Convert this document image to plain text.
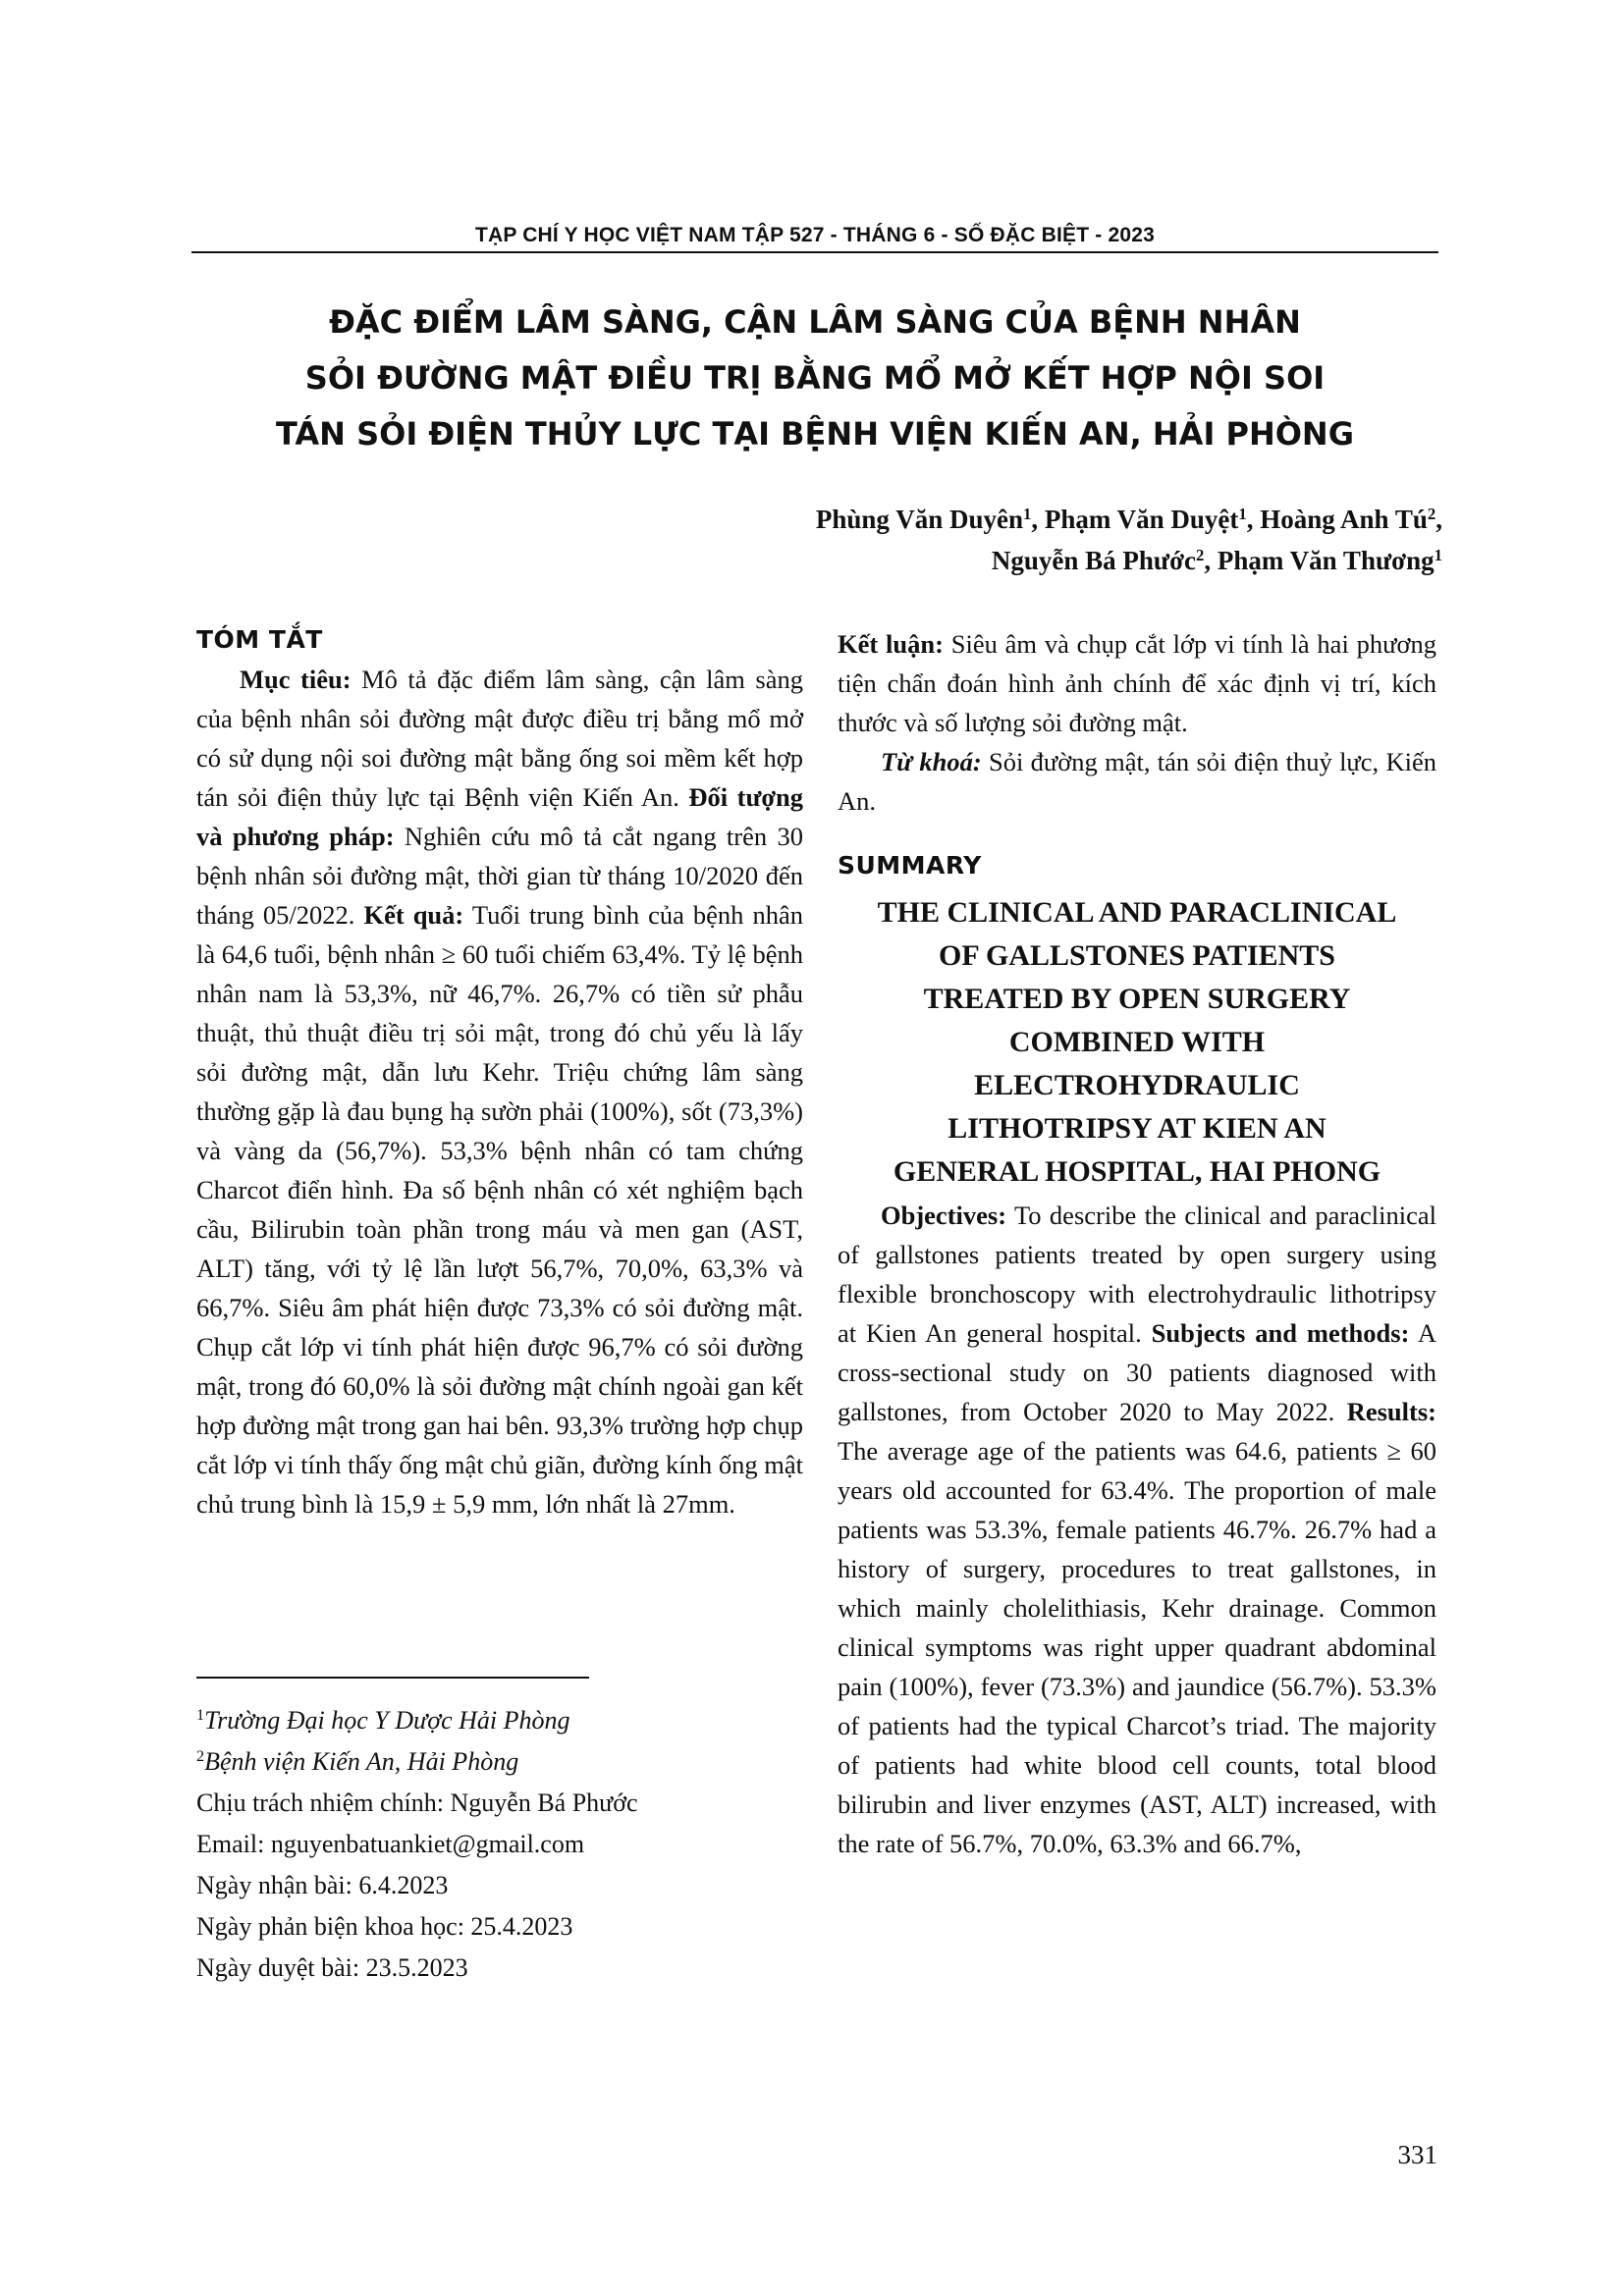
TẠP CHÍ Y HỌC VIỆT NAM TẬP 527 - THÁNG 6 - SỐ ĐẶC BIỆT - 2023
ĐẶC ĐIỂM LÂM SÀNG, CẬN LÂM SÀNG CỦA BỆNH NHÂN
SỎI ĐƯỜNG MẬT ĐIỀU TRỊ BẰNG MỔ MỞ KẾT HỢP NỘI SOI
TÁN SỎI ĐIỆN THỦY LỰC TẠI BỆNH VIỆN KIẾN AN, HẢI PHÒNG
Phùng Văn Duyên$^1$, Phạm Văn Duyệt$^1$, Hoàng Anh $Tú^2$,
Nguyễn Bá Phước$^2$, Phạm Văn Thương$^1$
TÓM TẮT

Mục tiêu: Mô tả đặc điểm lâm sàng, cận lâm sàng của bệnh nhân sỏi đường mật được điều trị bằng mổ mở có sử dụng nội soi đường mật bằng ống soi mềm kết hợp tán sỏi điện thủy lực tại Bệnh viện Kiến An. Đối tượng và phương pháp: Nghiên cứu mô tả cắt ngang trên 30 bệnh nhân sỏi đường mật, thời gian từ tháng 10/2020 đến tháng 05/2022. Kết quả: Tuổi trung bình của bệnh nhân là 64,6 tuổi, bệnh nhân ≥ 60 tuổi chiếm 63,4%. Tỷ lệ bệnh nhân nam là 53,3%, nữ 46,7%. 26,7% có tiền sử phẫu thuật, thủ thuật điều trị sỏi mật, trong đó chủ yếu là lấy sỏi đường mật, dẫn lưu Kehr. Triệu chứng lâm sàng thường gặp là đau bụng hạ sườn phải (100%), sốt (73,3%) và vàng da (56,7%). 53,3% bệnh nhân có tam chứng Charcot điển hình. Đa số bệnh nhân có xét nghiệm bạch cầu, Bilirubin toàn phần trong máu và men gan (AST, ALT) tăng, với tỷ lệ lần lượt 56,7%, 70,0%, 63,3% và 66,7%. Siêu âm phát hiện được 73,3% có sỏi đường mật. Chụp cắt lớp vi tính phát hiện được 96,7% có sỏi đường mật, trong đó 60,0% là sỏi đường mật chính ngoài gan kết hợp đường mật trong gan hai bên. 93,3% trường hợp chụp cắt lớp vi tính thấy ống mật chủ giãn, đường kính ống mật chủ trung bình là 15,9 ± 5,9 mm, lớn nhất là 27mm.

$^1$Trường Đại học Y Dược Hải Phòng

$^2$Bệnh viện Kiến An, Hải Phòng

Chịu trách nhiệm chính: Nguyễn Bá Phước

Email: nguyenbatuankiet@gmail.com

Ngày nhận bài: 6.4.2023

Ngày phản biện khoa học: 25.4.2023

Ngày duyệt bài: 23.5.2023

Kết luận: Siêu âm và chụp cắt lớp vi tính là hai phương tiện chẩn đoán hình ảnh chính để xác định vị trí, kích thước và số lượng sỏi đường mật.

Từ khoá: Sỏi đường mật, tán sỏi điện thuỷ lực, Kiến An.

SUMMARY
THE CLINICAL AND PARACLINICAL
OF GALLSTONES PATIENTS
TREATED BY OPEN SURGERY
COMBINED WITH
ELECTROHYDRAULIC
LITHOTRIPSY AT KIEN AN
GENERAL HOSPITAL, HAI PHONG

Objectives: To describe the clinical and paraclinical of gallstones patients treated by open surgery using flexible bronchoscopy with electrohydraulic lithotripsy at Kien An general hospital. Subjects and methods: A cross-sectional study on 30 patients diagnosed with gallstones, from October 2020 to May 2022. Results: The average age of the patients was 64.6, patients ≥ 60 years old accounted for 63.4%. The proportion of male patients was 53.3%, female patients 46.7%. 26.7% had a history of surgery, procedures to treat gallstones, in which mainly cholelithiasis, Kehr drainage. Common clinical symptoms was right upper quadrant abdominal pain (100%), fever (73.3%) and jaundice (56.7%). 53.3% of patients had the typical Charcot’s triad. The majority of patients had white blood cell counts, total blood bilirubin and liver enzymes (AST, ALT) increased, with the rate of 56.7%, 70.0%, 63.3% and 66.7%,

331
